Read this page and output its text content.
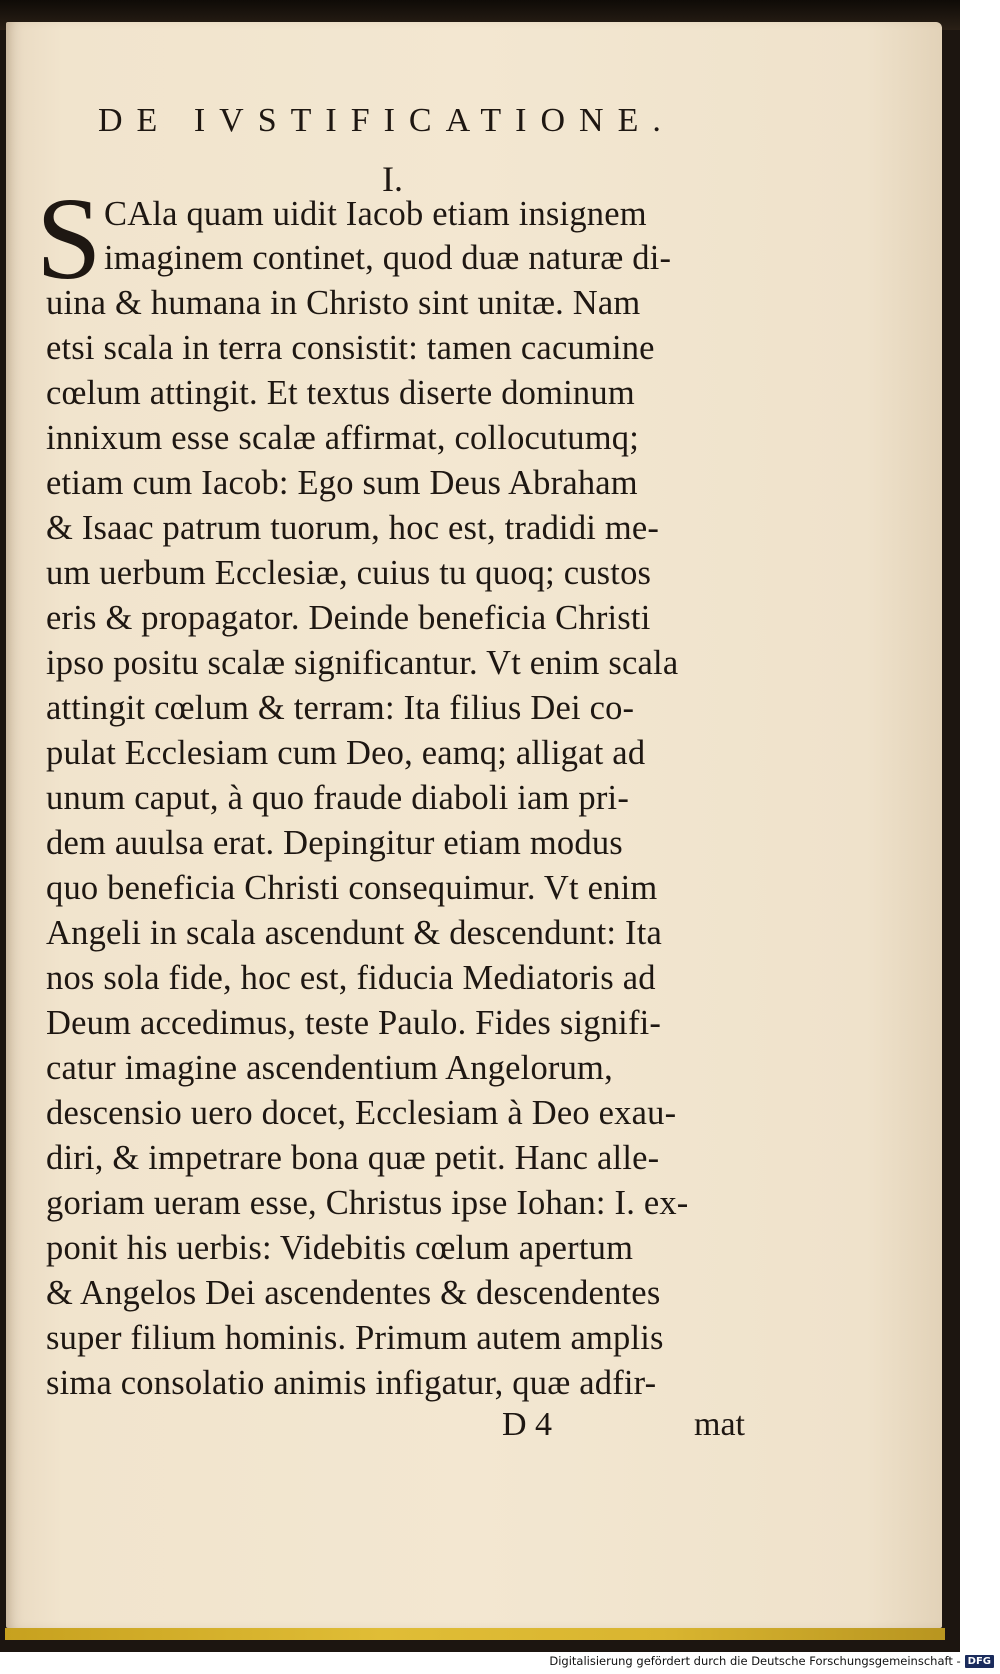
DE IVSTIFICATIONE.
I.
S CAla quam uidit Iacob etiam insignem
imaginem continet, quod duæ naturæ di-
uina & humana in Christo sint unitæ. Nam
etsi scala in terra consistit: tamen cacumine
cœlum attingit. Et textus diserte dominum
innixum esse scalæ affirmat, collocutumq;
etiam cum Iacob: Ego sum Deus Abraham
& Isaac patrum tuorum, hoc est, tradidi me-
um uerbum Ecclesiæ, cuius tu quoq; custos
eris & propagator. Deinde beneficia Christi
ipso positu scalæ significantur. Vt enim scala
attingit cœlum & terram: Ita filius Dei co-
pulat Ecclesiam cum Deo, eamq; alligat ad
unum caput, à quo fraude diaboli iam pri-
dem auulsa erat. Depingitur etiam modus
quo beneficia Christi consequimur. Vt enim
Angeli in scala ascendunt & descendunt: Ita
nos sola fide, hoc est, fiducia Mediatoris ad
Deum accedimus, teste Paulo. Fides signifi-
catur imagine ascendentium Angelorum,
descensio uero docet, Ecclesiam à Deo exau-
diri, & impetrare bona quæ petit. Hanc alle-
goriam ueram esse, Christus ipse Iohan: I. ex-
ponit his uerbis: Videbitis cœlum apertum
& Angelos Dei ascendentes & descendentes
super filium hominis. Primum autem amplis
sima consolatio animis infigatur, quæ adfir-
D 4	mat
Digitalisierung gefördert durch die Deutsche Forschungsgemeinschaft - DFG
